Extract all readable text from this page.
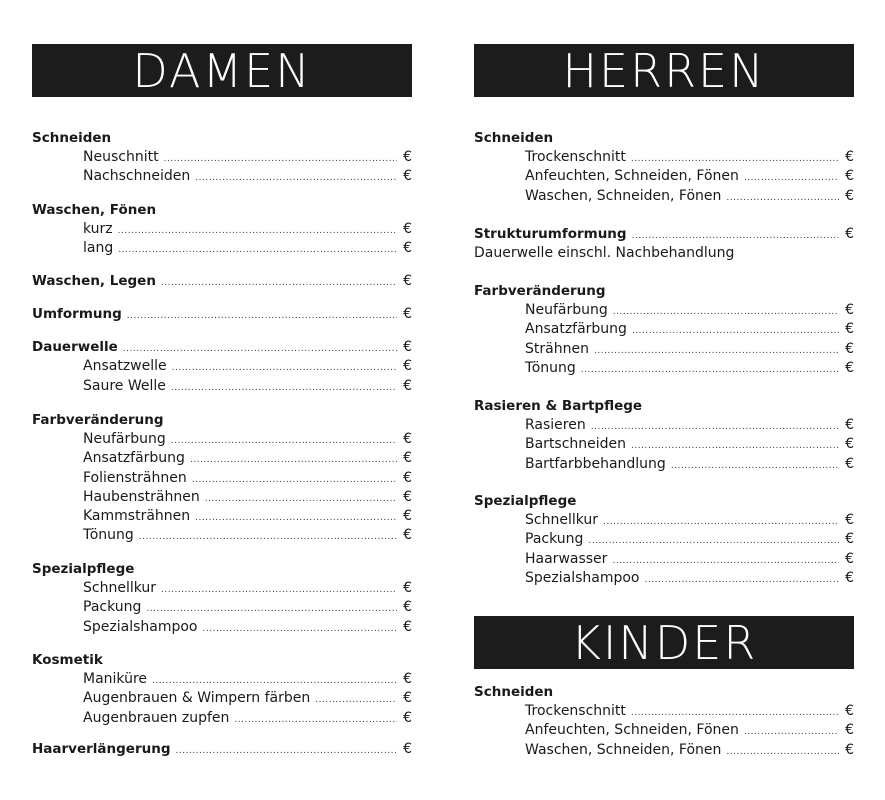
DAMEN
Schneiden
Neuschnitt .....	€
Nachschneiden .....	€
Waschen, Fönen
kurz .....	€
lang .....	€
Waschen, Legen .....	€
Umformung .....	€
Dauerwelle .....	€
Ansatzwelle .....	€
Saure Welle .....	€
Farbveränderung
Neufärbung .....	€
Ansatzfärbung .....	€
Foliensträhnen .....	€
Haubensträhnen .....	€
Kammsträhnen .....	€
Tönung .....	€
Spezialpflege
Schnellkur .....	€
Packung .....	€
Spezialshampoo .....	€
Kosmetik
Maniküre .....	€
Augenbrauen & Wimpern färben .....	€
Augenbrauen zupfen .....	€
Haarverlängerung .....	€
HERREN
Schneiden
Trockenschnitt .....	€
Anfeuchten, Schneiden, Fönen .....	€
Waschen, Schneiden, Fönen .....	€
Strukturumformung .....	€
Dauerwelle einschl. Nachbehandlung
Farbveränderung
Neufärbung .....	€
Ansatzfärbung .....	€
Strähnen .....	€
Tönung .....	€
Rasieren & Bartpflege
Rasieren .....	€
Bartschneiden .....	€
Bartfarbbehandlung .....	€
Spezialpflege
Schnellkur .....	€
Packung .....	€
Haarwasser .....	€
Spezialshampoo .....	€
KINDER
Schneiden
Trockenschnitt .....	€
Anfeuchten, Schneiden, Fönen .....	€
Waschen, Schneiden, Fönen .....	€
